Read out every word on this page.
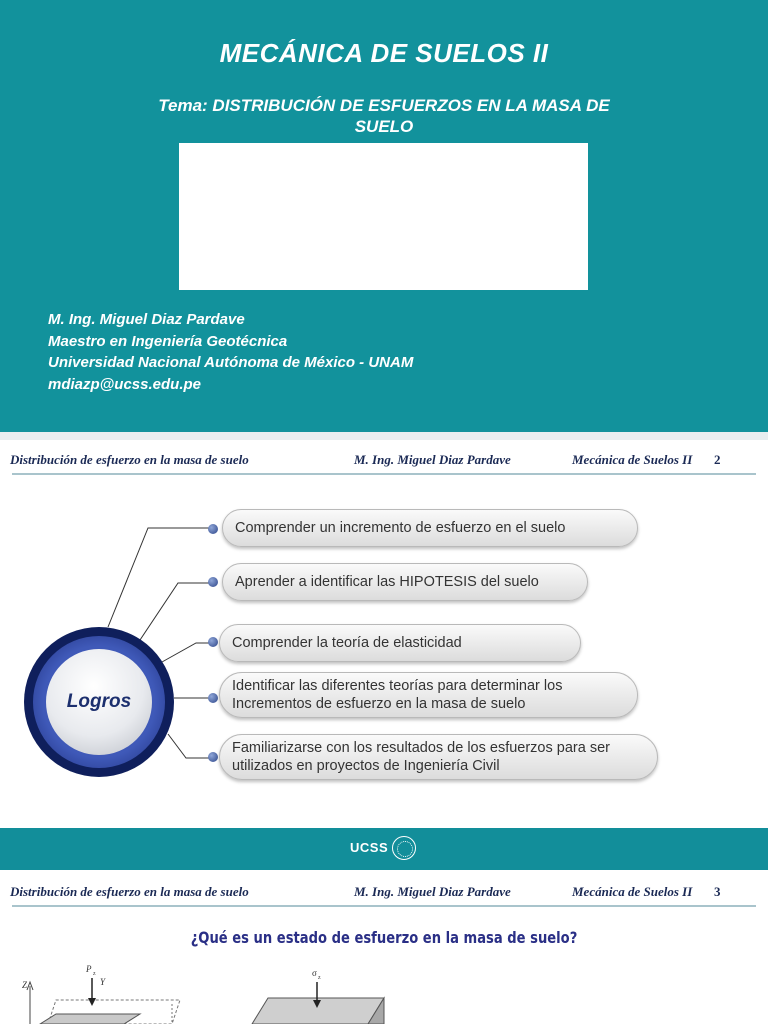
MECÁNICA DE SUELOS II
Tema: DISTRIBUCIÓN DE ESFUERZOS EN LA MASA DE
SUELO
M. Ing. Miguel Diaz Pardave
Maestro en Ingeniería Geotécnica
Universidad Nacional Autónoma de México - UNAM
mdiazp@ucss.edu.pe
Distribución de esfuerzo en la masa de suelo	M. Ing. Miguel Diaz Pardave	Mecánica de Suelos II 2
Comprender un incremento de esfuerzo en el suelo
Aprender a identificar las HIPOTESIS del suelo
Comprender la teoría de elasticidad
Identificar las diferentes teorías para determinar los Incrementos de esfuerzo en la masa de suelo
Familiarizarse con los resultados de los esfuerzos para ser utilizados en proyectos de Ingeniería Civil
Logros
UCSS
Distribución de esfuerzo en la masa de suelo	M. Ing. Miguel Diaz Pardave	Mecánica de Suelos II 3
¿Qué es un estado de esfuerzo en la masa de suelo?
Z
P z
Y
σ z
